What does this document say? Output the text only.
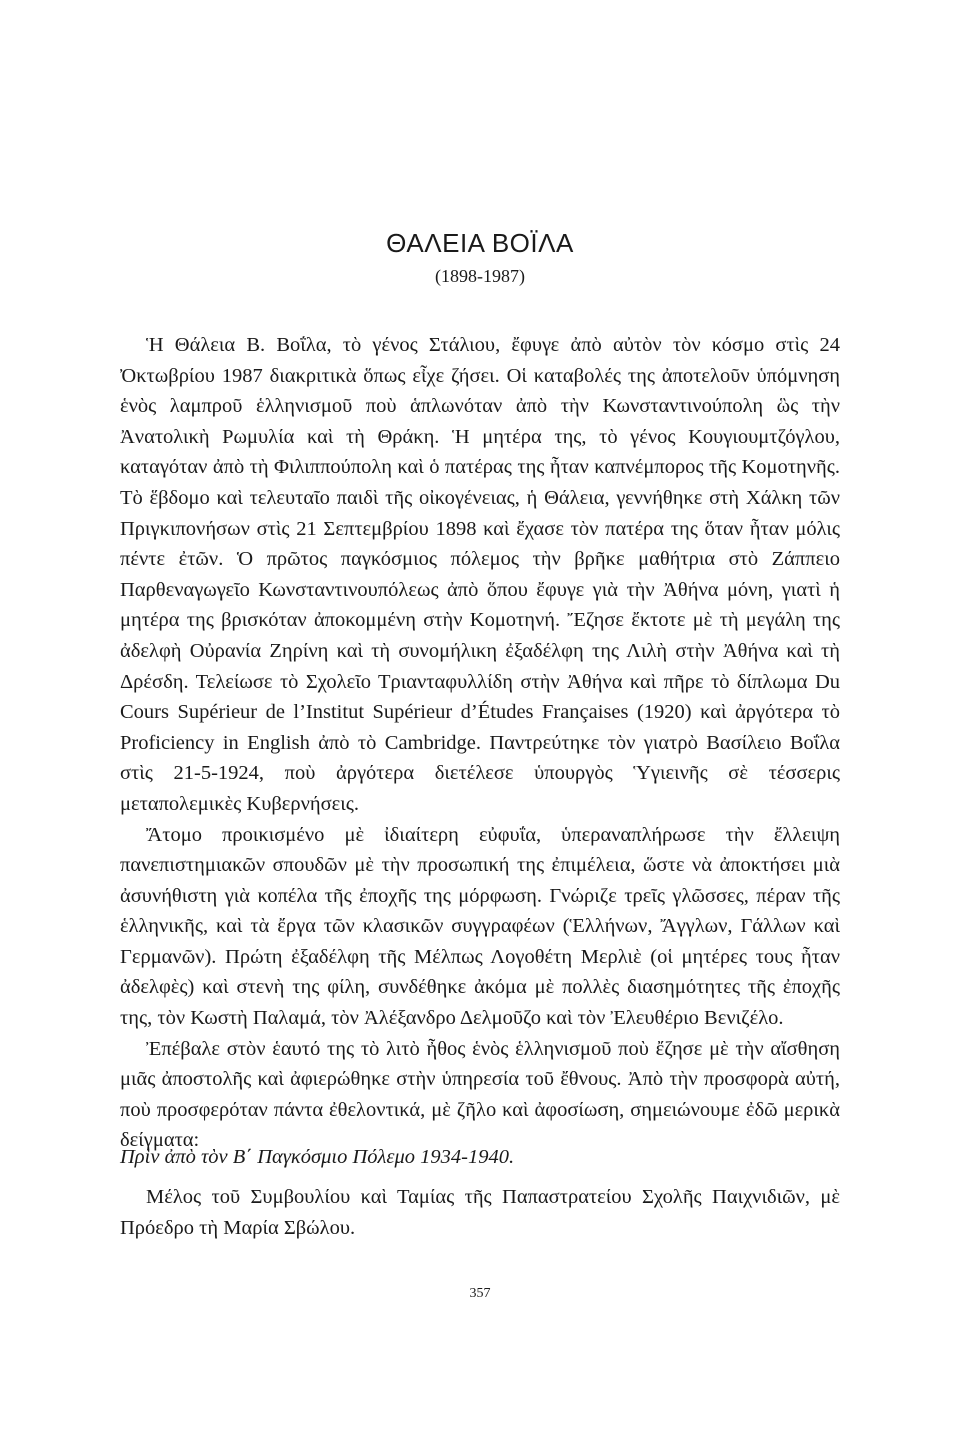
ΘΑΛΕΙΑ ΒΟΪΛΑ
(1898-1987)

Ἡ Θάλεια Β. Βοΐλα, τὸ γένος Στάλιου, ἔφυγε ἀπὸ αὐτὸν τὸν κόσμο στὶς 24 Ὀκτωβρίου 1987 διακριτικὰ ὅπως εἶχε ζήσει. Οἱ καταβολές της ἀποτελοῦν ὑπόμνηση ἑνὸς λαμπροῦ ἑλληνισμοῦ ποὺ ἁπλωνόταν ἀπὸ τὴν Κωνσταντινούπολη ὣς τὴν Ἀνατολικὴ Ρωμυλία καὶ τὴ Θράκη. Ἡ μητέρα της, τὸ γένος Κουγιουμτζόγλου, καταγόταν ἀπὸ τὴ Φιλιππούπολη καὶ ὁ πατέρας της ἦταν καπνέμπορος τῆς Κομοτηνῆς. Τὸ ἕβδομο καὶ τελευταῖο παιδὶ τῆς οἰκογένειας, ἡ Θάλεια, γεννήθηκε στὴ Χάλκη τῶν Πριγκιπονήσων στὶς 21 Σεπτεμβρίου 1898 καὶ ἔχασε τὸν πατέρα της ὅταν ἦταν μόλις πέντε ἐτῶν. Ὁ πρῶτος παγκόσμιος πόλεμος τὴν βρῆκε μαθήτρια στὸ Ζάππειο Παρθεναγωγεῖο Κωνσταντινουπόλεως ἀπὸ ὅπου ἔφυγε γιὰ τὴν Ἀθήνα μόνη, γιατὶ ἡ μητέρα της βρισκόταν ἀποκομμένη στὴν Κομοτηνή. Ἔζησε ἔκτοτε μὲ τὴ μεγάλη της ἀδελφὴ Οὐρανία Ζηρίνη καὶ τὴ συνομήλικη ἐξαδέλφη της Λιλὴ στὴν Ἀθήνα καὶ τὴ Δρέσδη. Τελείωσε τὸ Σχολεῖο Τριανταφυλλίδη στὴν Ἀθήνα καὶ πῆρε τὸ δίπλωμα Du Cours Supérieur de l’Institut Supérieur d’Études Françaises (1920) καὶ ἀργότερα τὸ Proficiency in English ἀπὸ τὸ Cambridge. Παντρεύτηκε τὸν γιατρὸ Βασίλειο Βοΐλα στὶς 21-5-1924, ποὺ ἀργότερα διετέλεσε ὑπουργὸς Ὑγιεινῆς σὲ τέσσερις μεταπολεμικὲς Κυβερνήσεις.

Ἄτομο προικισμένο μὲ ἰδιαίτερη εὐφυΐα, ὑπεραναπλήρωσε τὴν ἔλλειψη πανεπιστημιακῶν σπουδῶν μὲ τὴν προσωπική της ἐπιμέλεια, ὥστε νὰ ἀποκτήσει μιὰ ἀσυνήθιστη γιὰ κοπέλα τῆς ἐποχῆς της μόρφωση. Γνώριζε τρεῖς γλῶσσες, πέραν τῆς ἑλληνικῆς, καὶ τὰ ἔργα τῶν κλασικῶν συγγραφέων (Ἑλλήνων, Ἄγγλων, Γάλλων καὶ Γερμανῶν). Πρώτη ἐξαδέλφη τῆς Μέλπως Λογοθέτη Μερλιὲ (οἱ μητέρες τους ἦταν ἀδελφὲς) καὶ στενὴ της φίλη, συνδέθηκε ἀκόμα μὲ πολλὲς διασημότητες τῆς ἐποχῆς της, τὸν Κωστὴ Παλαμά, τὸν Ἀλέξανδρο Δελμοῦζο καὶ τὸν Ἐλευθέριο Βενιζέλο.

Ἐπέβαλε στὸν ἑαυτό της τὸ λιτὸ ἦθος ἑνὸς ἑλληνισμοῦ ποὺ ἔζησε μὲ τὴν αἴσθηση μιᾶς ἀποστολῆς καὶ ἀφιερώθηκε στὴν ὑπηρεσία τοῦ ἔθνους. Ἀπὸ τὴν προσφορὰ αὐτή, ποὺ προσφερόταν πάντα ἐθελοντικά, μὲ ζῆλο καὶ ἀφοσίωση, σημειώνουμε ἐδῶ μερικὰ δείγματα:

Πρὶν ἀπὸ τὸν Β΄ Παγκόσμιο Πόλεμο 1934-1940.

Μέλος τοῦ Συμβουλίου καὶ Ταμίας τῆς Παπαστρατείου Σχολῆς Παιχνιδιῶν, μὲ Πρόεδρο τὴ Μαρία Σβώλου.

357
